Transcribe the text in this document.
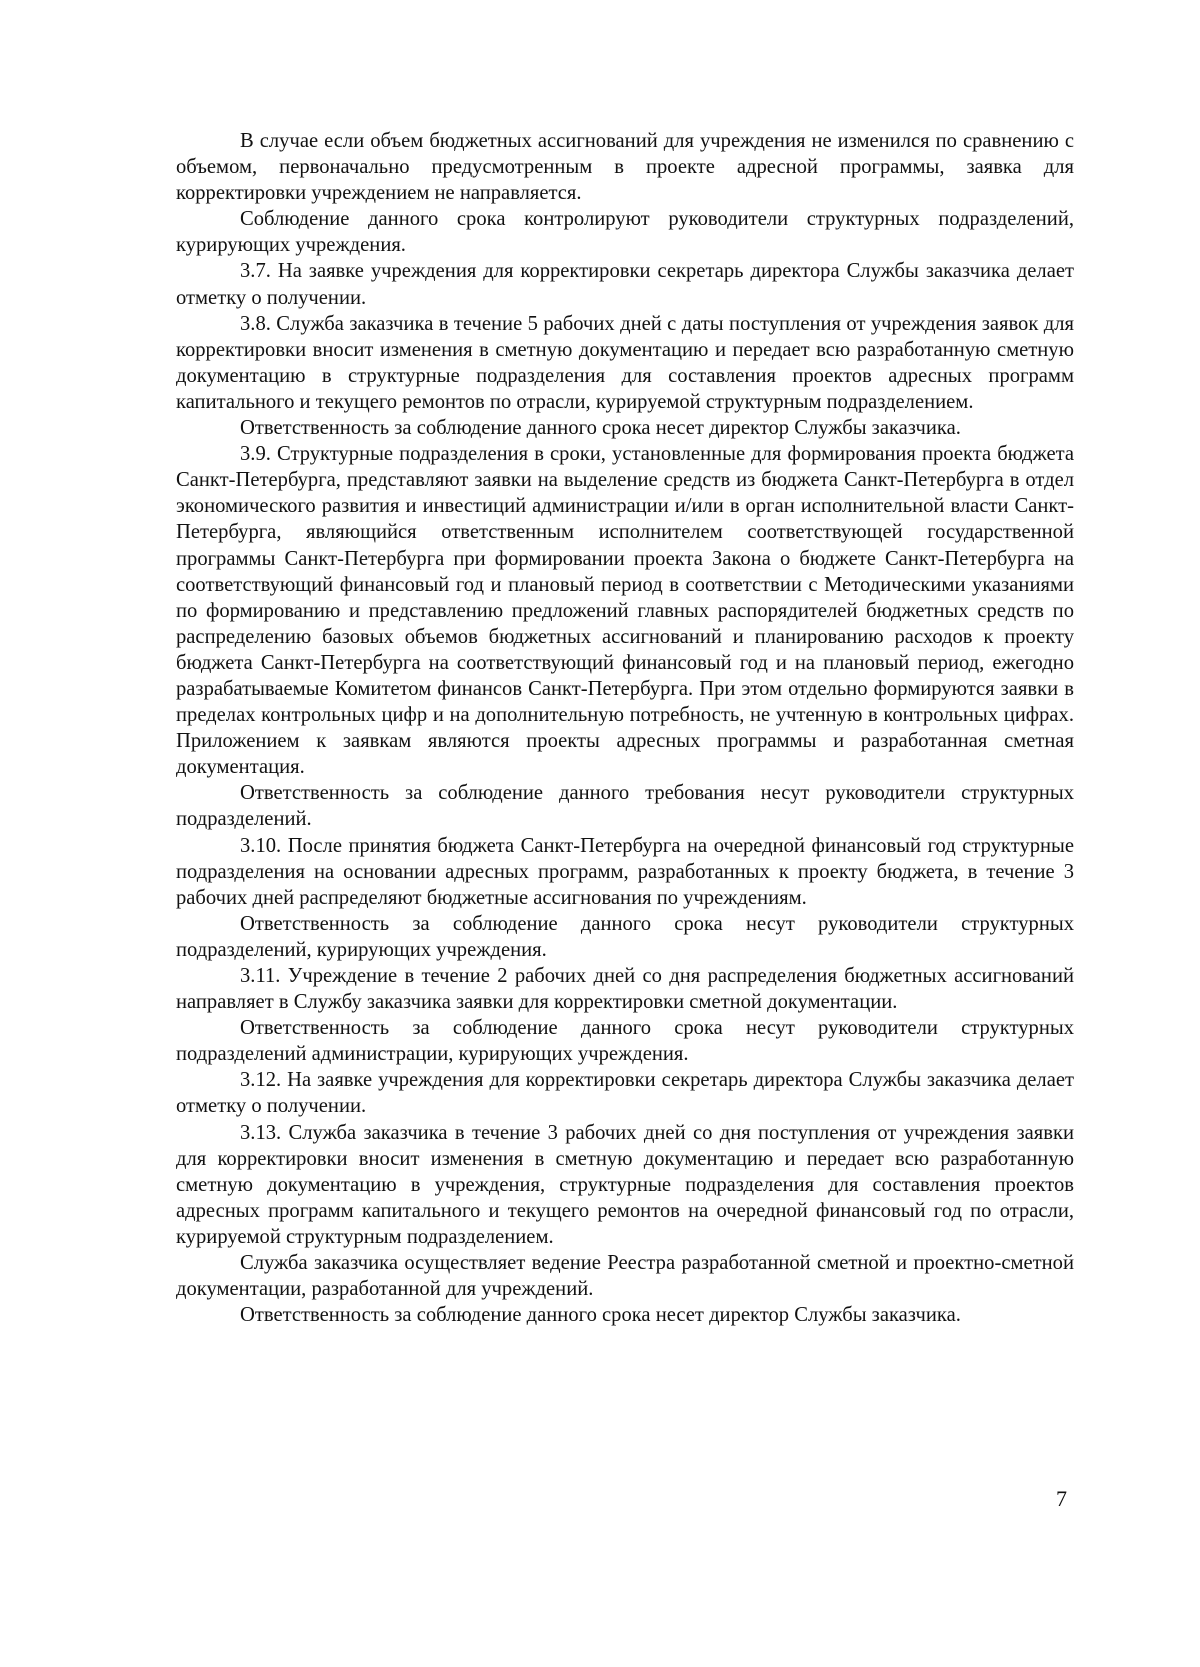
В случае если объем бюджетных ассигнований для учреждения не изменился по сравнению с объемом, первоначально предусмотренным в проекте адресной программы, заявка для корректировки учреждением не направляется.

Соблюдение данного срока контролируют руководители структурных подразделений, курирующих учреждения.

3.7. На заявке учреждения для корректировки секретарь директора Службы заказчика делает отметку о получении.

3.8. Служба заказчика в течение 5 рабочих дней с даты поступления от учреждения заявок для корректировки вносит изменения в сметную документацию и передает всю разработанную сметную документацию в структурные подразделения для составления проектов адресных программ капитального и текущего ремонтов по отрасли, курируемой структурным подразделением.

Ответственность за соблюдение данного срока несет директор Службы заказчика.

3.9. Структурные подразделения в сроки, установленные для формирования проекта бюджета Санкт-Петербурга, представляют заявки на выделение средств из бюджета Санкт-Петербурга в отдел экономического развития и инвестиций администрации и/или в орган исполнительной власти Санкт-Петербурга, являющийся ответственным исполнителем соответствующей государственной программы Санкт-Петербурга при формировании проекта Закона о бюджете Санкт-Петербурга на соответствующий финансовый год и плановый период в соответствии с Методическими указаниями по формированию и представлению предложений главных распорядителей бюджетных средств по распределению базовых объемов бюджетных ассигнований и планированию расходов к проекту бюджета Санкт-Петербурга на соответствующий финансовый год и на плановый период, ежегодно разрабатываемые Комитетом финансов Санкт-Петербурга. При этом отдельно формируются заявки в пределах контрольных цифр и на дополнительную потребность, не учтенную в контрольных цифрах. Приложением к заявкам являются проекты адресных программы и разработанная сметная документация.

Ответственность за соблюдение данного требования несут руководители структурных подразделений.

3.10. После принятия бюджета Санкт-Петербурга на очередной финансовый год структурные подразделения на основании адресных программ, разработанных к проекту бюджета, в течение 3 рабочих дней распределяют бюджетные ассигнования по учреждениям.

Ответственность за соблюдение данного срока несут руководители структурных подразделений, курирующих учреждения.

3.11. Учреждение в течение 2 рабочих дней со дня распределения бюджетных ассигнований направляет в Службу заказчика заявки для корректировки сметной документации.

Ответственность за соблюдение данного срока несут руководители структурных подразделений администрации, курирующих учреждения.

3.12. На заявке учреждения для корректировки секретарь директора Службы заказчика делает отметку о получении.

3.13. Служба заказчика в течение 3 рабочих дней со дня поступления от учреждения заявки для корректировки вносит изменения в сметную документацию и передает всю разработанную сметную документацию в учреждения, структурные подразделения для составления проектов адресных программ капитального и текущего ремонтов на очередной финансовый год по отрасли, курируемой структурным подразделением.

Служба заказчика осуществляет ведение Реестра разработанной сметной и проектно-сметной документации, разработанной для учреждений.

Ответственность за соблюдение данного срока несет директор Службы заказчика.

7
